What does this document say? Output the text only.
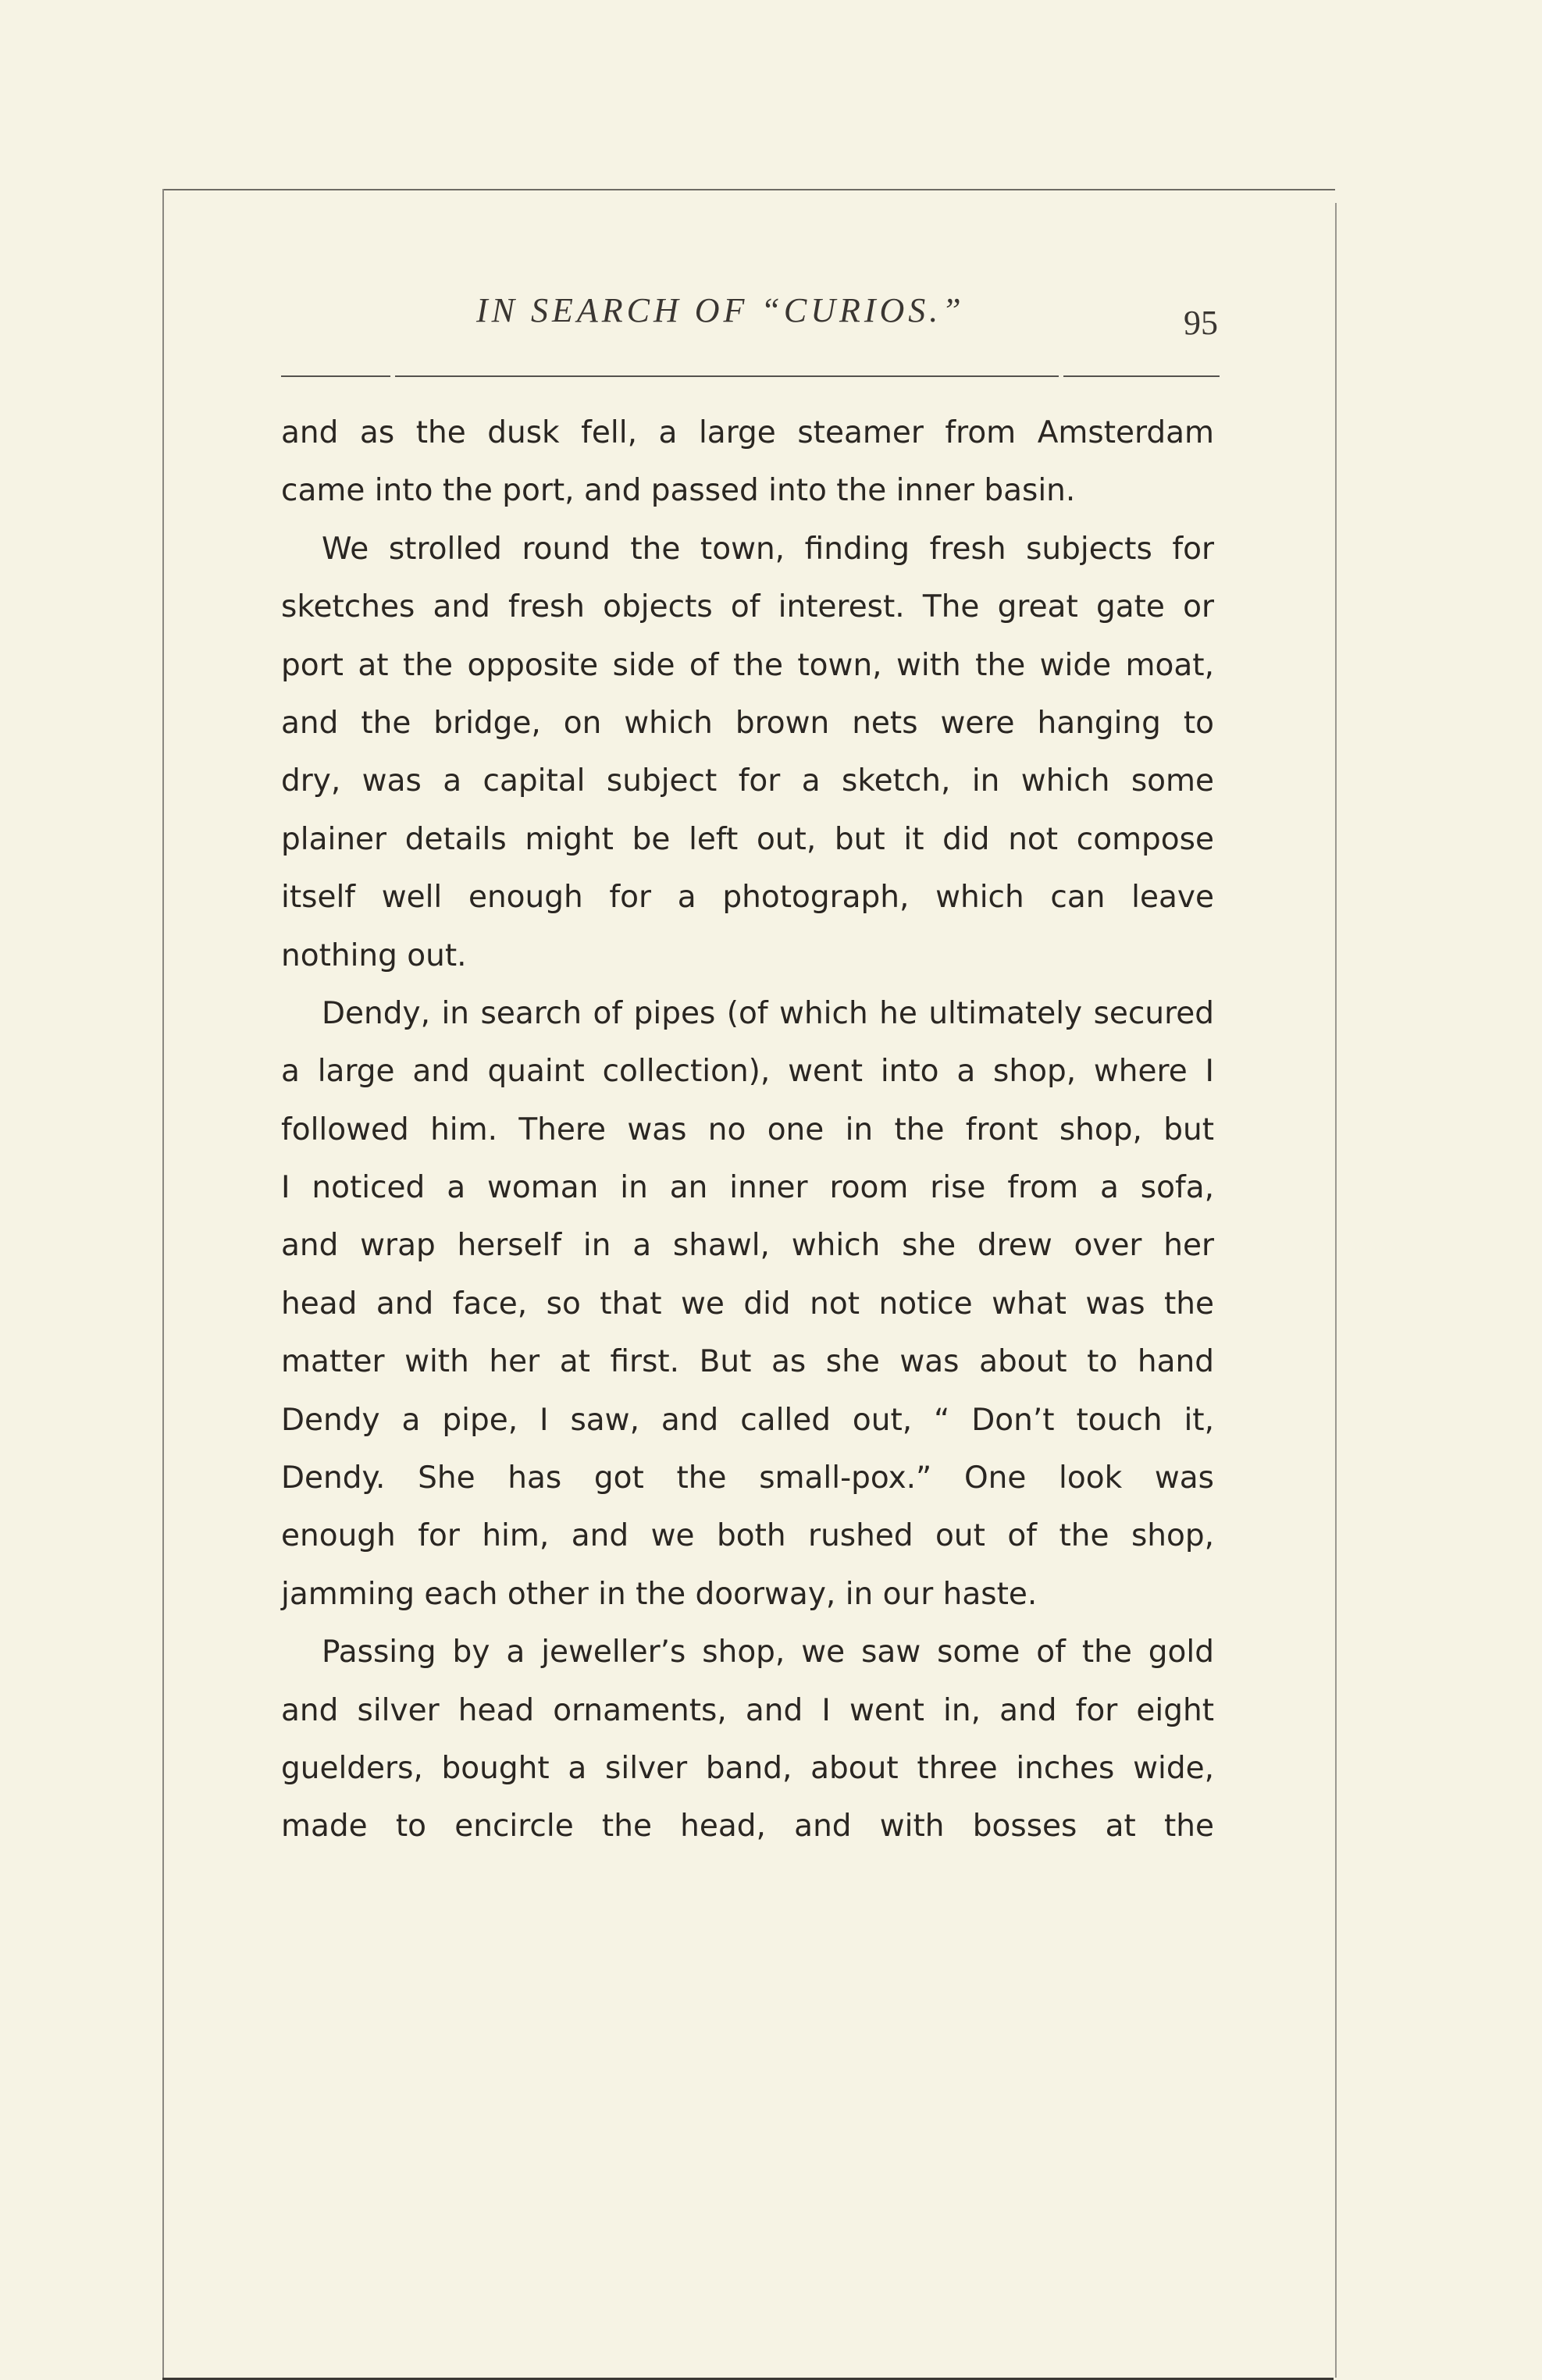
IN SEARCH OF “CURIOS.”	95
and as the dusk fell, a large steamer from Amsterdam
came into the port, and passed into the inner basin.
We strolled round the town, finding fresh subjects for
sketches and fresh objects of interest. The great gate or
port at the opposite side of the town, with the wide moat,
and the bridge, on which brown nets were hanging to
dry, was a capital subject for a sketch, in which some
plainer details might be left out, but it did not compose
itself well enough for a photograph, which can leave
nothing out.
Dendy, in search of pipes (of which he ultimately secured
a large and quaint collection), went into a shop, where I
followed him. There was no one in the front shop, but
I noticed a woman in an inner room rise from a sofa,
and wrap herself in a shawl, which she drew over her
head and face, so that we did not notice what was the
matter with her at first. But as she was about to hand
Dendy a pipe, I saw, and called out, “ Don’t touch it,
Dendy. She has got the small-pox.” One look was
enough for him, and we both rushed out of the shop,
jamming each other in the doorway, in our haste.
Passing by a jeweller’s shop, we saw some of the gold
and silver head ornaments, and I went in, and for eight
guelders, bought a silver band, about three inches wide,
made to encircle the head, and with bosses at the
